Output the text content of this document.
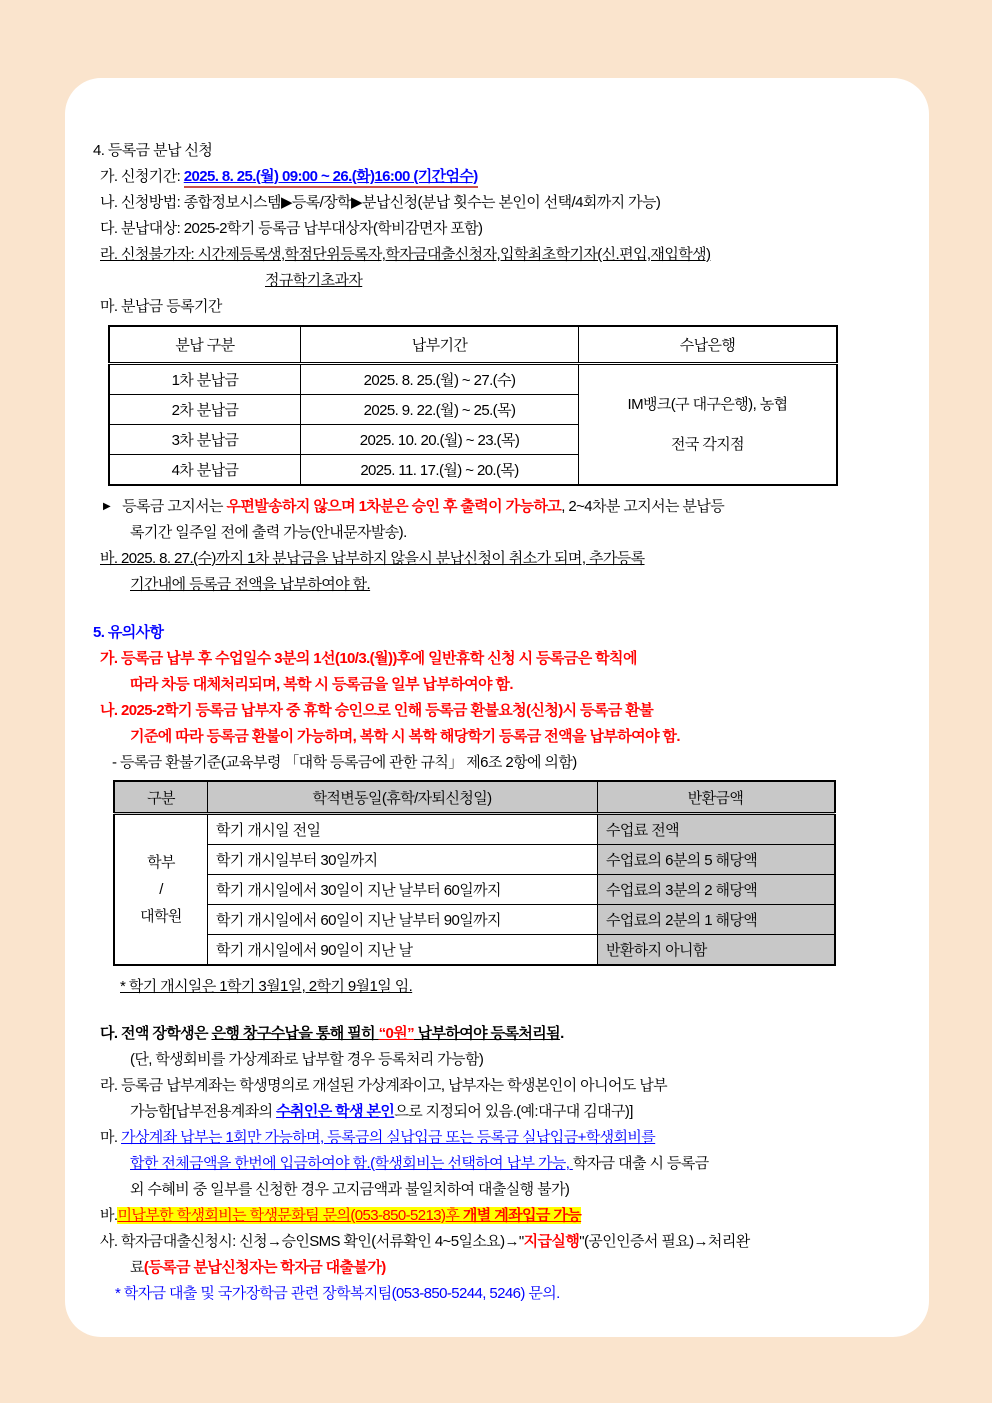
4. 등록금 분납 신청
가. 신청기간: 2025. 8. 25.(월) 09:00 ~ 26.(화)16:00 (기간엄수)
나. 신청방법: 종합정보시스템▶등록/장학▶분납신청(분납 횟수는 본인이 선택/4회까지 가능)
다. 분납대상: 2025-2학기 등록금 납부대상자(학비감면자 포함)
라. 신청불가자: 시간제등록생,학점단위등록자,학자금대출신청자,입학최초학기자(신.편입,재입학생)
정규학기초과자
마. 분납금 등록기간
분납 구분	납부기간	수납은행
1차 분납금	2025. 8. 25.(월) ~ 27.(수)	IM뱅크(구 대구은행), 농협
전국 각지점

2차 분납금	2025. 9. 22.(월) ~ 25.(목)	
3차 분납금	2025. 10. 20.(월) ~ 23.(목)	
4차 분납금	2025. 11. 17.(월) ~ 20.(목)	
▶ 등록금 고지서는 우편발송하지 않으며 1차분은 승인 후 출력이 가능하고, 2~4차분 고지서는 분납등
록기간 일주일 전에 출력 가능(안내문자발송).
바. 2025. 8. 27.(수)까지 1차 분납금을 납부하지 않을시 분납신청이 취소가 되며, 추가등록
기간내에 등록금 전액을 납부하여야 함.
5. 유의사항
가. 등록금 납부 후 수업일수 3분의 1선(10/3.(월))후에 일반휴학 신청 시 등록금은 학칙에
따라 차등 대체처리되며, 복학 시 등록금을 일부 납부하여야 함.
나. 2025-2학기 등록금 납부자 중 휴학 승인으로 인해 등록금 환불요청(신청)시 등록금 환불
기준에 따라 등록금 환불이 가능하며, 복학 시 복학 해당학기 등록금 전액을 납부하여야 함.
- 등록금 환불기준(교육부령 「대학 등록금에 관한 규칙」 제6조 2항에 의함)
구분	학적변동일(휴학/자퇴신청일)	반환금액

학부
/
대학원	학기 개시일 전일	수업료 전액
	학기 개시일부터 30일까지	수업료의 6분의 5 해당액
	학기 개시일에서 30일이 지난 날부터 60일까지	수업료의 3분의 2 해당액
	학기 개시일에서 60일이 지난 날부터 90일까지	수업료의 2분의 1 해당액
	학기 개시일에서 90일이 지난 날	반환하지 아니함
* 학기 개시일은 1학기 3월1일, 2학기 9월1일 임.
다. 전액 장학생은 은행 창구수납을 통해 필히 “0원” 납부하여야 등록처리됨.
(단, 학생회비를 가상계좌로 납부할 경우 등록처리 가능함)
라. 등록금 납부계좌는 학생명의로 개설된 가상계좌이고, 납부자는 학생본인이 아니어도 납부
가능함[납부전용계좌의 수취인은 학생 본인으로 지정되어 있음.(예:대구대 김대구)]
마. 가상계좌 납부는 1회만 가능하며, 등록금의 실납입금 또는 등록금 실납입금+학생회비를
합한 전체금액을 한번에 입금하여야 함.(학생회비는 선택하여 납부 가능, 학자금 대출 시 등록금
외 수혜비 중 일부를 신청한 경우 고지금액과 불일치하여 대출실행 불가)
바.미납부한 학생회비는 학생문화팀 문의(053-850-5213)후 개별 계좌입금 가능
사. 학자금대출신청시: 신청→승인SMS 확인(서류확인 4~5일소요)→"지급실행"(공인인증서 필요)→처리완
료(등록금 분납신청자는 학자금 대출불가)
* 학자금 대출 및 국가장학금 관련 장학복지팀(053-850-5244, 5246) 문의.
